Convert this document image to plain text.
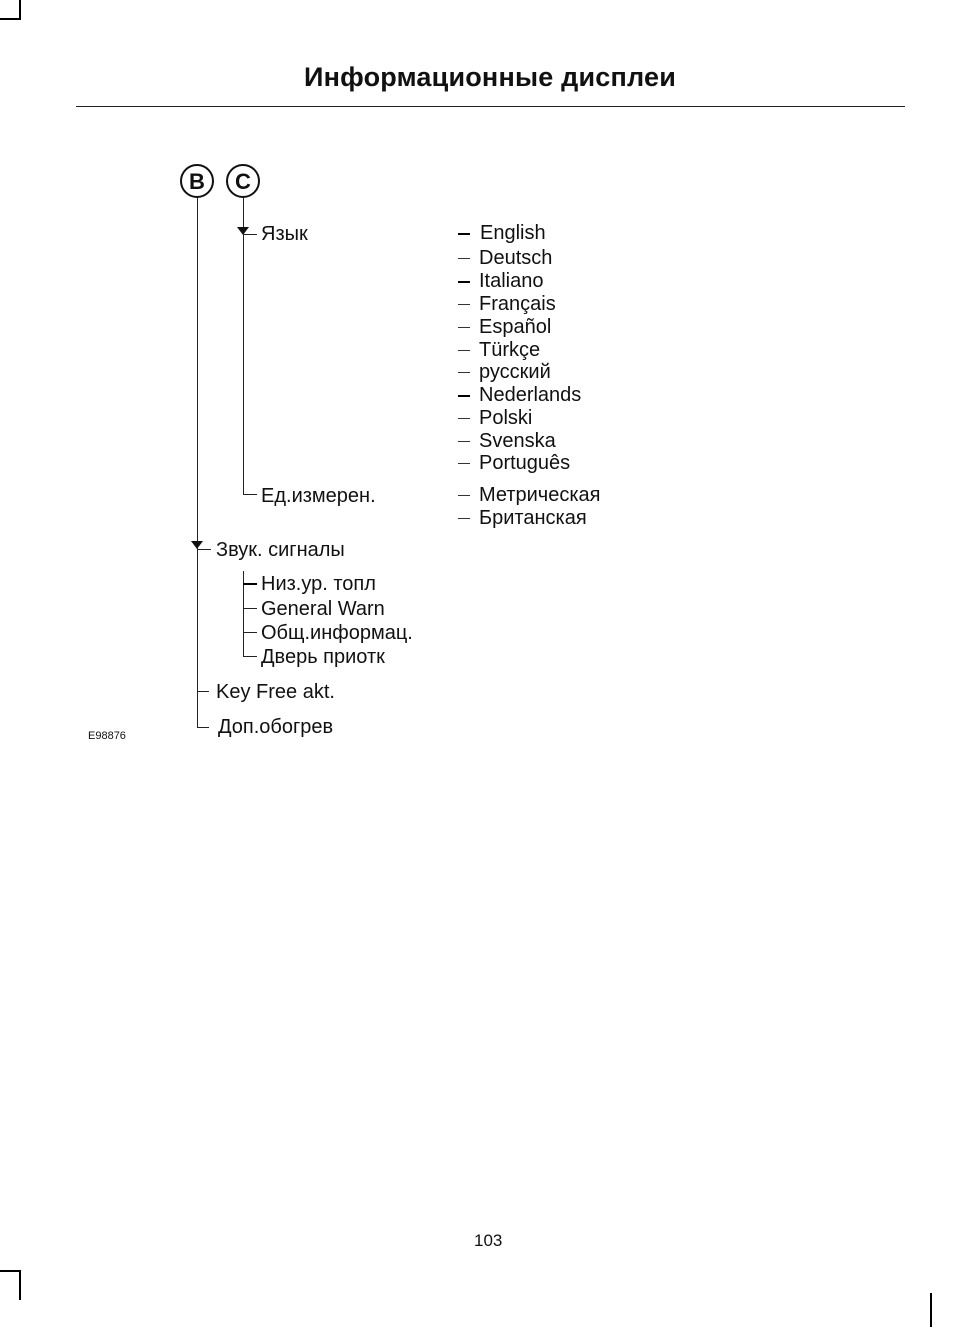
Информационные дисплеи
B	C
Язык	English
Deutsch
Italiano
Français
Español
Türkçe
русский
Nederlands
Polski
Svenska
Português
Ед.измерен.	Метрическая
Британская
Звук. сигналы
Низ.ур. топл
General Warn
Общ.информац.
Дверь приотк
Key Free akt.
Доп.обогрев
E98876
103
